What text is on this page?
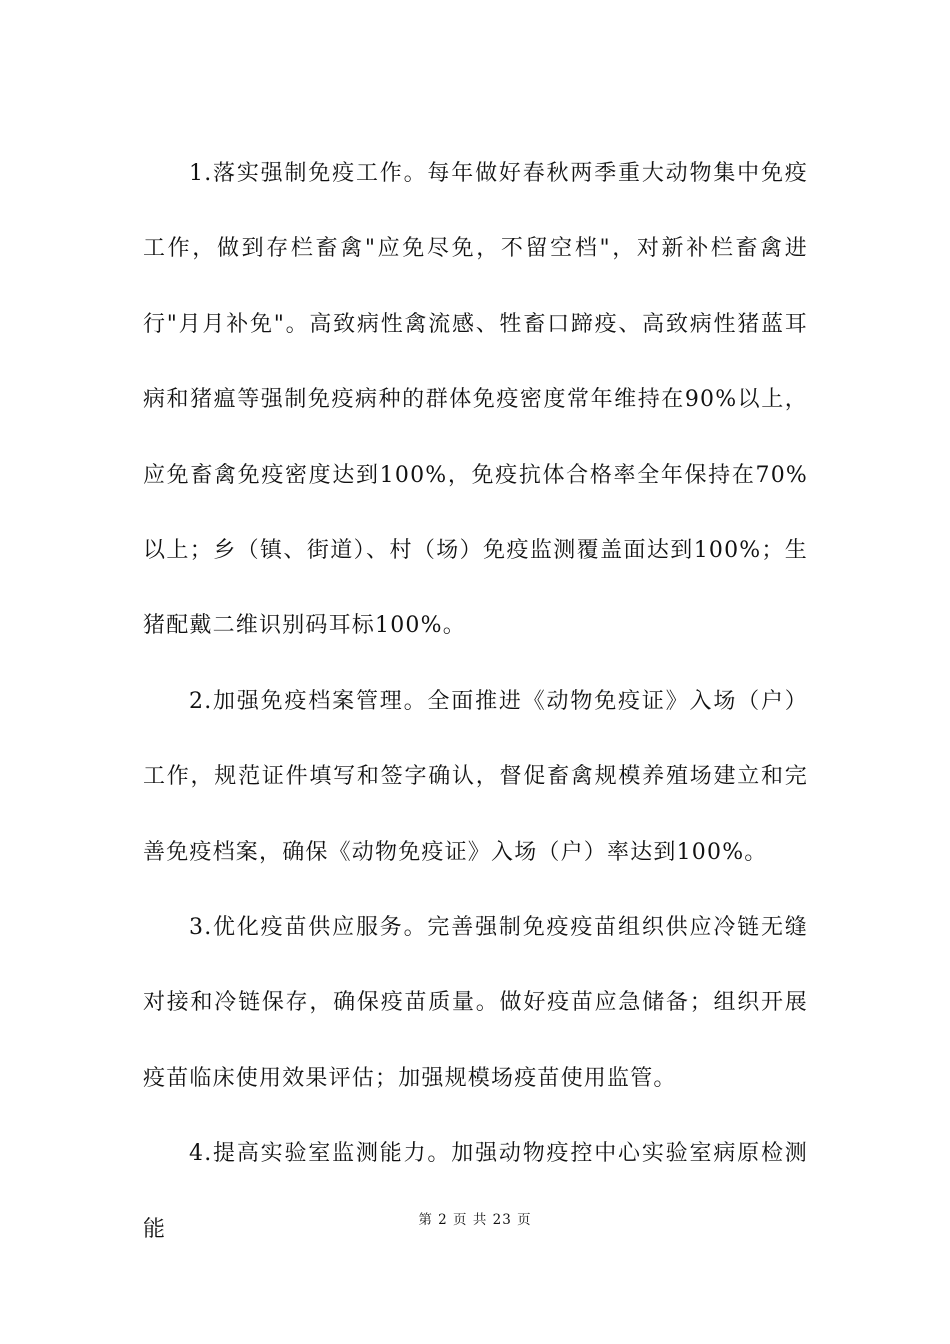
1.落实强制免疫工作。每年做好春秋两季重大动物集中免疫工作，做到存栏畜禽"应免尽免，不留空档"，对新补栏畜禽进行"月月补免"。高致病性禽流感、牲畜口蹄疫、高致病性猪蓝耳病和猪瘟等强制免疫病种的群体免疫密度常年维持在90%以上，应免畜禽免疫密度达到100%，免疫抗体合格率全年保持在70%以上；乡（镇、街道）、村（场）免疫监测覆盖面达到100%；生猪配戴二维识别码耳标100%。

2.加强免疫档案管理。全面推进《动物免疫证》入场（户）工作，规范证件填写和签字确认，督促畜禽规模养殖场建立和完善免疫档案，确保《动物免疫证》入场（户）率达到100%。

3.优化疫苗供应服务。完善强制免疫疫苗组织供应冷链无缝对接和冷链保存，确保疫苗质量。做好疫苗应急储备；组织开展疫苗临床使用效果评估；加强规模场疫苗使用监管。

4.提高实验室监测能力。加强动物疫控中心实验室病原检测能	第 2 页 共 23 页
